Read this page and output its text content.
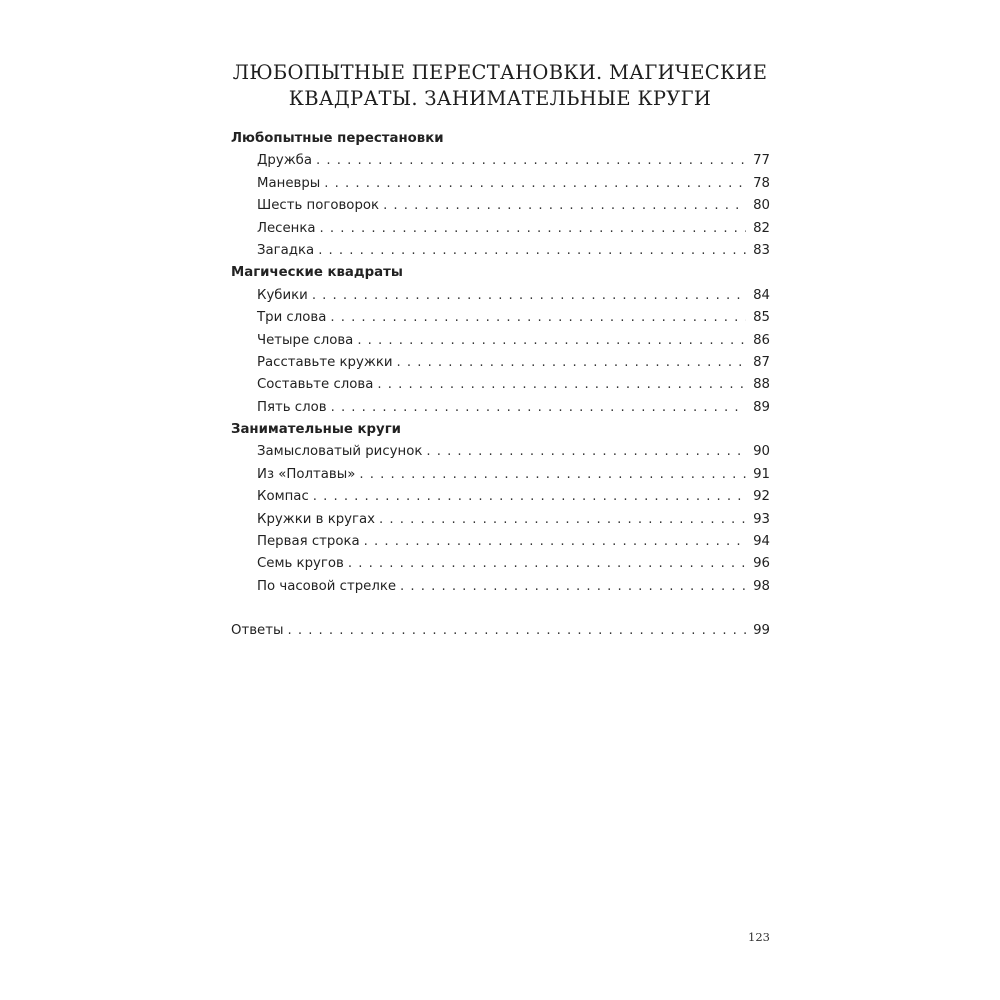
ЛЮБОПЫТНЫЕ ПЕРЕСТАНОВКИ. МАГИЧЕСКИЕ
КВАДРАТЫ. ЗАНИМАТЕЛЬНЫЕ КРУГИ
Любопытные перестановки
Дружба . . .	77
Маневры . . .	78
Шесть поговорок . . .	80
Лесенка . . .	82
Загадка . . .	83
Магические квадраты
Кубики . . .	84
Три слова . . .	85
Четыре слова . . .	86
Расставьте кружки . . .	87
Составьте слова . . .	88
Пять слов . . .	89
Занимательные круги
Замысловатый рисунок . . .	90
Из «Полтавы» . . .	91
Компас . . .	92
Кружки в кругах . . .	93
Первая строка . . .	94
Семь кругов . . .	96
По часовой стрелке . . .	98
Ответы . . .	99
123
